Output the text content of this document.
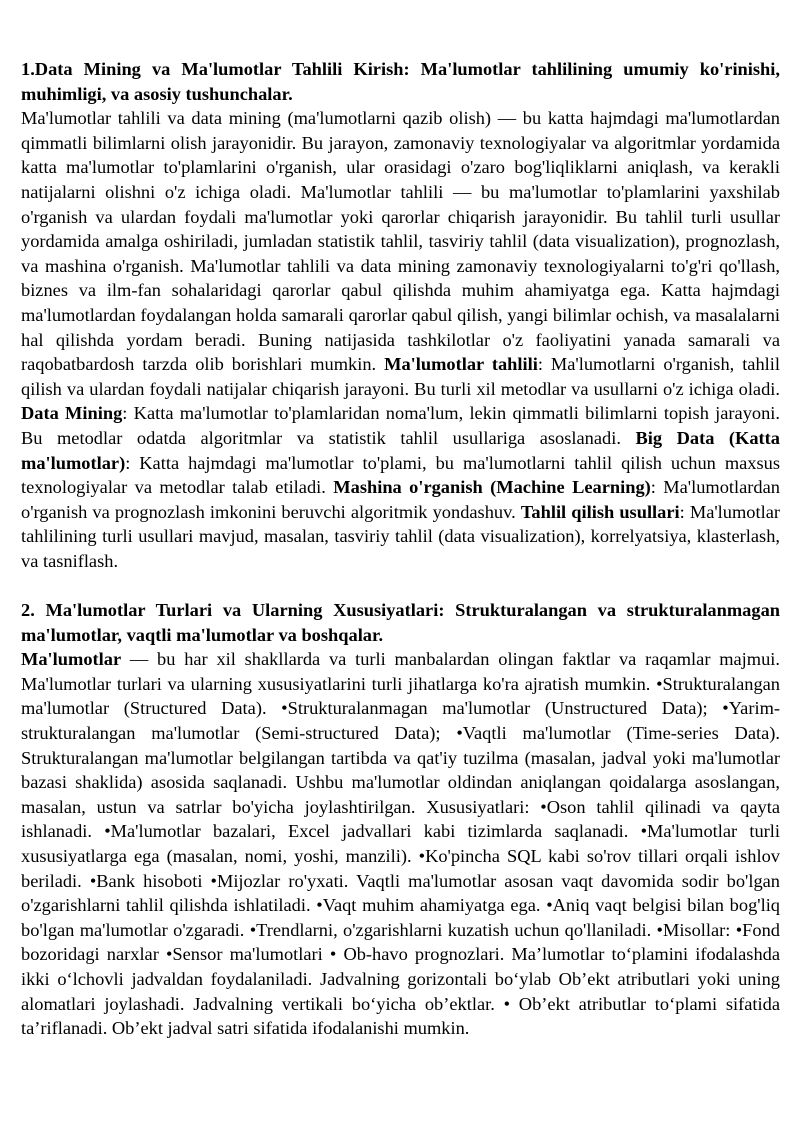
1.Data Mining va Ma'lumotlar Tahlili Kirish: Ma'lumotlar tahlilining umumiy ko'rinishi, muhimligi, va asosiy tushunchalar.

Ma'lumotlar tahlili va data mining (ma'lumotlarni qazib olish) — bu katta hajmdagi ma'lumotlardan qimmatli bilimlarni olish jarayonidir. Bu jarayon, zamonaviy texnologiyalar va algoritmlar yordamida katta ma'lumotlar to'plamlarini o'rganish, ular orasidagi o'zaro bog'liqliklarni aniqlash, va kerakli natijalarni olishni o'z ichiga oladi. Ma'lumotlar tahlili — bu ma'lumotlar to'plamlarini yaxshilab o'rganish va ulardan foydali ma'lumotlar yoki qarorlar chiqarish jarayonidir. Bu tahlil turli usullar yordamida amalga oshiriladi, jumladan statistik tahlil, tasviriy tahlil (data visualization), prognozlash, va mashina o'rganish. Ma'lumotlar tahlili va data mining zamonaviy texnologiyalarni to'g'ri qo'llash, biznes va ilm-fan sohalaridagi qarorlar qabul qilishda muhim ahamiyatga ega. Katta hajmdagi ma'lumotlardan foydalangan holda samarali qarorlar qabul qilish, yangi bilimlar ochish, va masalalarni hal qilishda yordam beradi. Buning natijasida tashkilotlar o'z faoliyatini yanada samarali va raqobatbardosh tarzda olib borishlari mumkin. Ma'lumotlar tahlili: Ma'lumotlarni o'rganish, tahlil qilish va ulardan foydali natijalar chiqarish jarayoni. Bu turli xil metodlar va usullarni o'z ichiga oladi. Data Mining: Katta ma'lumotlar to'plamlaridan noma'lum, lekin qimmatli bilimlarni topish jarayoni. Bu metodlar odatda algoritmlar va statistik tahlil usullariga asoslanadi. Big Data (Katta ma'lumotlar): Katta hajmdagi ma'lumotlar to'plami, bu ma'lumotlarni tahlil qilish uchun maxsus texnologiyalar va metodlar talab etiladi. Mashina o'rganish (Machine Learning): Ma'lumotlardan o'rganish va prognozlash imkonini beruvchi algoritmik yondashuv. Tahlil qilish usullari: Ma'lumotlar tahlilining turli usullari mavjud, masalan, tasviriy tahlil (data visualization), korrelyatsiya, klasterlash, va tasniflash.

2. Ma'lumotlar Turlari va Ularning Xususiyatlari: Strukturalangan va strukturalanmagan ma'lumotlar, vaqtli ma'lumotlar va boshqalar.

Ma'lumotlar — bu har xil shakllarda va turli manbalardan olingan faktlar va raqamlar majmui. Ma'lumotlar turlari va ularning xususiyatlarini turli jihatlarga ko'ra ajratish mumkin. •Strukturalangan ma'lumotlar (Structured Data). •Strukturalanmagan ma'lumotlar (Unstructured Data); •Yarim-strukturalangan ma'lumotlar (Semi-structured Data); •Vaqtli ma'lumotlar (Time-series Data). Strukturalangan ma'lumotlar belgilangan tartibda va qat'iy tuzilma (masalan, jadval yoki ma'lumotlar bazasi shaklida) asosida saqlanadi. Ushbu ma'lumotlar oldindan aniqlangan qoidalarga asoslangan, masalan, ustun va satrlar bo'yicha joylashtirilgan. Xususiyatlari: •Oson tahlil qilinadi va qayta ishlanadi. •Ma'lumotlar bazalari, Excel jadvallari kabi tizimlarda saqlanadi. •Ma'lumotlar turli xususiyatlarga ega (masalan, nomi, yoshi, manzili). •Ko'pincha SQL kabi so'rov tillari orqali ishlov beriladi. •Bank hisoboti •Mijozlar ro'yxati. Vaqtli ma'lumotlar asosan vaqt davomida sodir bo'lgan o'zgarishlarni tahlil qilishda ishlatiladi. •Vaqt muhim ahamiyatga ega. •Aniq vaqt belgisi bilan bog'liq bo'lgan ma'lumotlar o'zgaradi. •Trendlarni, o'zgarishlarni kuzatish uchun qo'llaniladi. •Misollar: •Fond bozoridagi narxlar •Sensor ma'lumotlari • Ob-havo prognozlari. Ma’lumotlar to‘plamini ifodalashda ikki o‘lchovli jadvaldan foydalaniladi. Jadvalning gorizontali bo‘ylab Ob’ekt atributlari yoki uning alomatlari joylashadi. Jadvalning vertikali bo‘yicha ob’ektlar. • Ob’ekt atributlar to‘plami sifatida ta’riflanadi. Ob’ekt jadval satri sifatida ifodalanishi mumkin.
